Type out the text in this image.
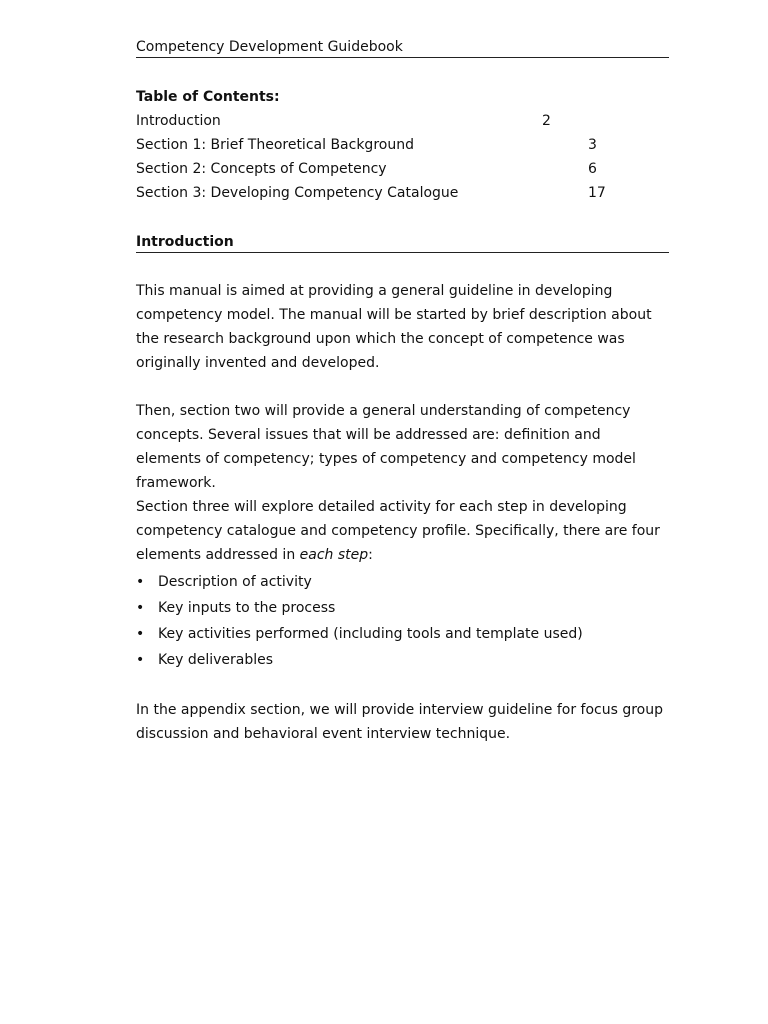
Competency Development Guidebook
Table of Contents:
Introduction	2
Section 1: Brief Theoretical Background	3
Section 2: Concepts of Competency	6
Section 3: Developing Competency Catalogue	17
Introduction

This manual is aimed at providing a general guideline in developing competency model. The manual will be started by brief description about the research background upon which the concept of competence was originally invented and developed.

Then, section two will provide a general understanding of competency concepts. Several issues that will be addressed are: definition and elements of competency; types of competency and competency model framework.

Section three will explore detailed activity for each step in developing competency catalogue and competency profile. Specifically, there are four elements addressed in each step:

• Description of activity
• Key inputs to the process
• Key activities performed (including tools and template used)
• Key deliverables

In the appendix section, we will provide interview guideline for focus group discussion and behavioral event interview technique.
